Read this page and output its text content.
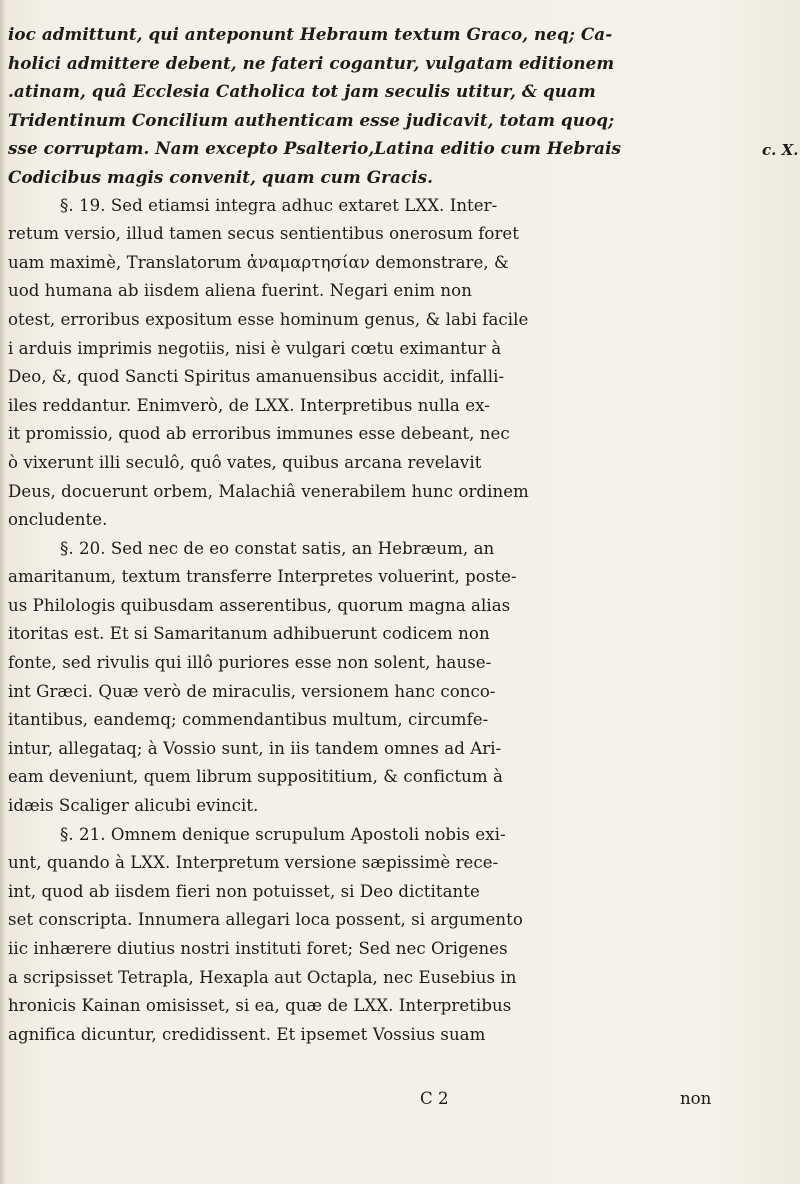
ioc admittunt, qui anteponunt Hebraum textum Graco, neq; Ca-
holici admittere debent, ne fateri cogantur, vulgatam editionem
.atinam, quâ Ecclesia Catholica tot jam seculis utitur, & quam
Tridentinum Concilium authenticam esse judicavit, totam quoq;
sse corruptam. Nam excepto Psalterio,Latina editio cum Hebrais
Codicibus magis convenit, quam cum Gracis.
§. 19. Sed etiamsi integra adhuc extaret LXX. Inter-
retum versio, illud tamen secus sentientibus onerosum foret
uam maximè, Translatorum ἀναμαρτησίαν demonstrare, &
uod humana ab iisdem aliena fuerint. Negari enim non
otest, erroribus expositum esse hominum genus, & labi facile
i arduis imprimis negotiis, nisi è vulgari cœtu eximantur à
Deo, &, quod Sancti Spiritus amanuensibus accidit, infalli-
iles reddantur. Enimverò, de LXX. Interpretibus nulla ex-
it promissio, quod ab erroribus immunes esse debeant, nec
ò vixerunt illi seculô, quô vates, quibus arcana revelavit
Deus, docuerunt orbem, Malachiâ venerabilem hunc ordinem
oncludente.
§. 20. Sed nec de eo constat satis, an Hebræum, an
amaritanum, textum transferre Interpretes voluerint, poste-
us Philologis quibusdam asserentibus, quorum magna alias
itoritas est. Et si Samaritanum adhibuerunt codicem non
fonte, sed rivulis qui illô puriores esse non solent, hause-
int Græci. Quæ verò de miraculis, versionem hanc conco-
itantibus, eandemq; commendantibus multum, circumfe-
intur, allegataq; à Vossio sunt, in iis tandem omnes ad Ari-
eam deveniunt, quem librum supposititium, & confictum à
idæis Scaliger alicubi evincit.
§. 21. Omnem denique scrupulum Apostoli nobis exi-
unt, quando à LXX. Interpretum versione sæpissimè rece-
int, quod ab iisdem fieri non potuisset, si Deo dictitante
set conscripta. Innumera allegari loca possent, si argumento
iic inhærere diutius nostri instituti foret; Sed nec Origenes
a scripsisset Tetrapla, Hexapla aut Octapla, nec Eusebius in
hronicis Kainan omisisset, si ea, quæ de LXX. Interpretibus
agnifica dicuntur, credidissent. Et ipsemet Vossius suam
c. X.
C 2	non
